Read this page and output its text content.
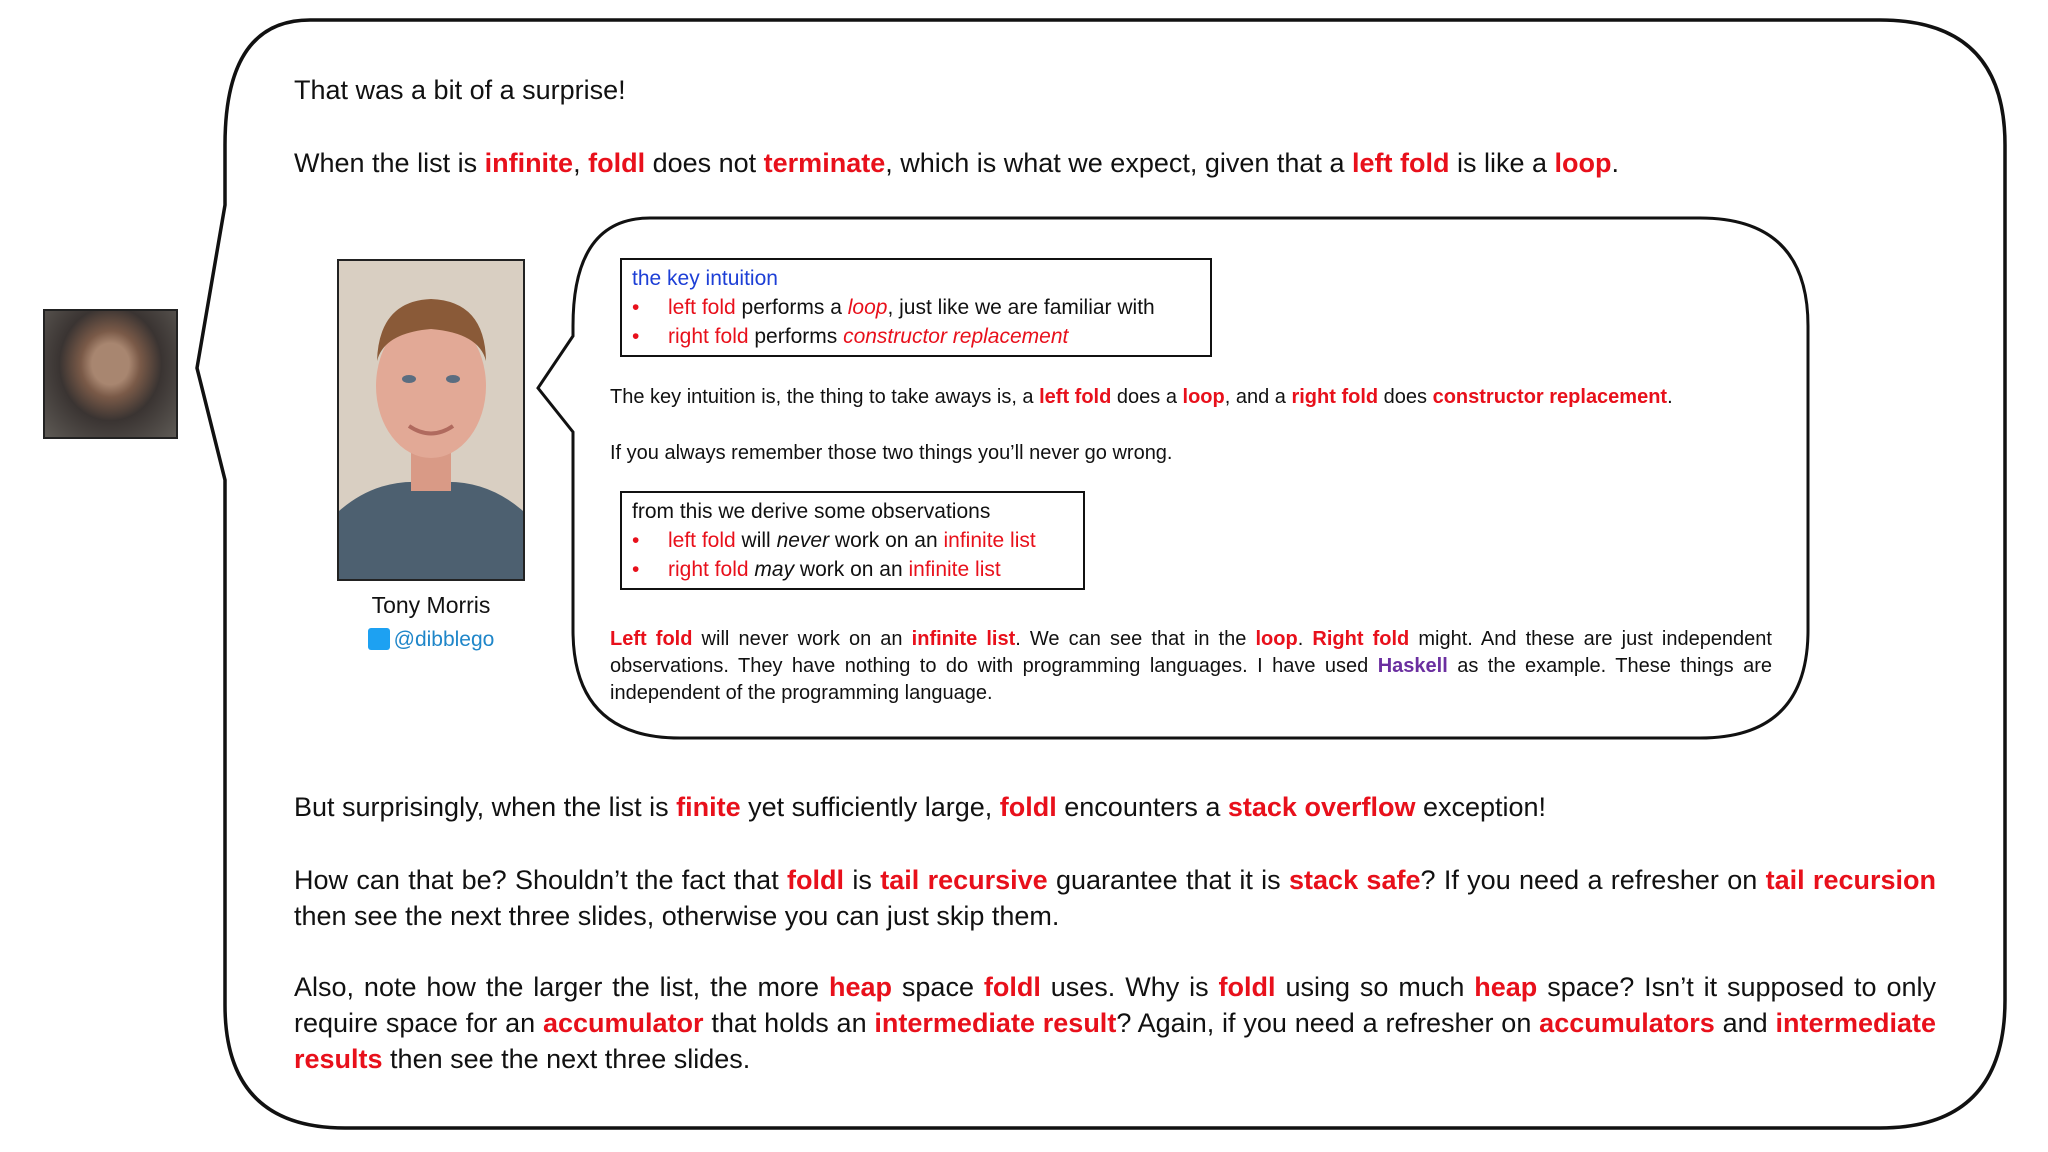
Tony Morris
@dibblego
That was a bit of a surprise!
When the list is infinite, foldl does not terminate, which is what we expect, given that a left fold is like a loop.
the key intuition
• left fold performs a loop, just like we are familiar with
• right fold performs constructor replacement
The key intuition is, the thing to take aways is, a left fold does a loop, and a right fold does constructor replacement.
If you always remember those two things you’ll never go wrong.
from this we derive some observations
• left fold will never work on an infinite list
• right fold may work on an infinite list
Left fold will never work on an infinite list. We can see that in the loop. Right fold might. And these are just independent observations. They have nothing to do with programming languages. I have used Haskell as the example. These things are independent of the programming language.
But surprisingly, when the list is finite yet sufficiently large, foldl encounters a stack overflow exception!
How can that be? Shouldn’t the fact that foldl is tail recursive guarantee that it is stack safe? If you need a refresher on tail recursion then see the next three slides, otherwise you can just skip them.
Also, note how the larger the list, the more heap space foldl uses. Why is foldl using so much heap space? Isn’t it supposed to only require space for an accumulator that holds an intermediate result? Again, if you need a refresher on accumulators and intermediate results then see the next three slides.
